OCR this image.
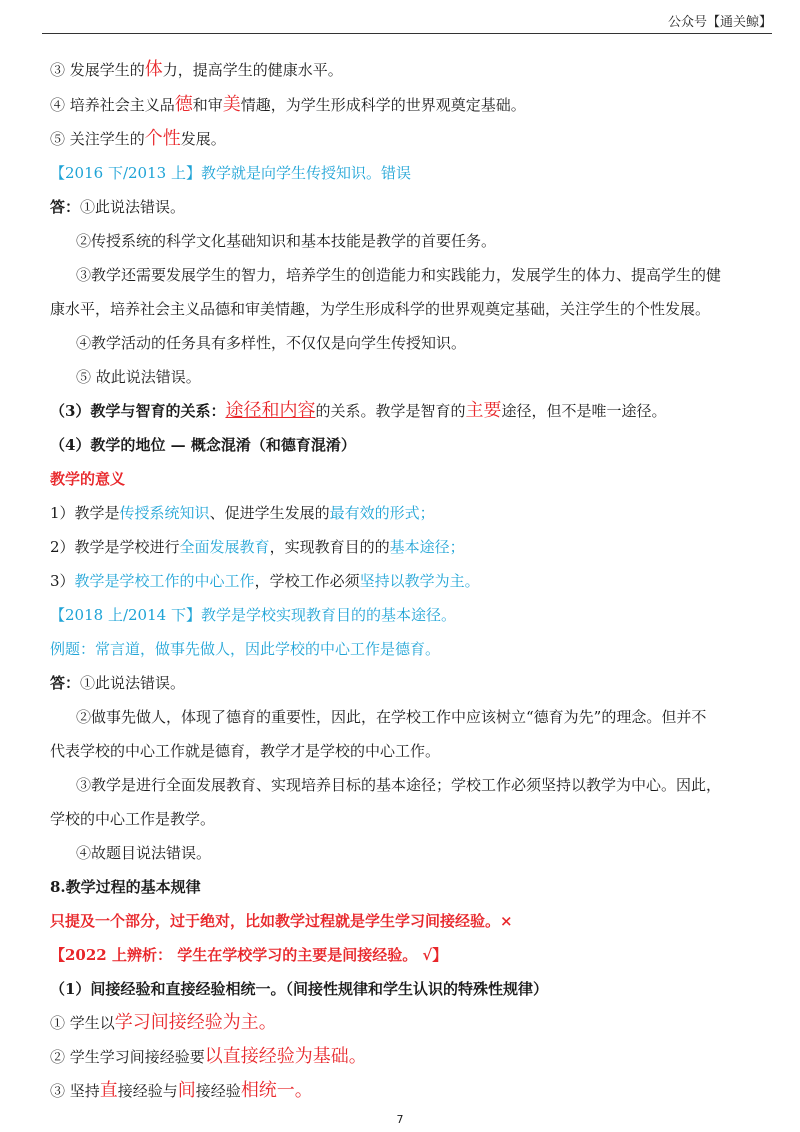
公众号【通关鲸】
③ 发展学生的体力，提高学生的健康水平。
④ 培养社会主义品德和审美情趣，为学生形成科学的世界观奠定基础。
⑤ 关注学生的个性发展。
【2016 下/2013 上】教学就是向学生传授知识。错误
答：①此说法错误。
②传授系统的科学文化基础知识和基本技能是教学的首要任务。
③教学还需要发展学生的智力，培养学生的创造能力和实践能力，发展学生的体力、提高学生的健
康水平，培养社会主义品德和审美情趣，为学生形成科学的世界观奠定基础，关注学生的个性发展。
④教学活动的任务具有多样性，不仅仅是向学生传授知识。
⑤ 故此说法错误。
（3）教学与智育的关系：途径和内容的关系。教学是智育的主要途径，但不是唯一途径。
（4）教学的地位 — 概念混淆（和德育混淆）
教学的意义
1）教学是传授系统知识、促进学生发展的最有效的形式；
2）教学是学校进行全面发展教育，实现教育目的的基本途径；
3）教学是学校工作的中心工作，学校工作必须坚持以教学为主。
【2018 上/2014 下】教学是学校实现教育目的的基本途径。
例题：常言道，做事先做人，因此学校的中心工作是德育。
答：①此说法错误。
②做事先做人，体现了德育的重要性，因此，在学校工作中应该树立“德育为先”的理念。但并不
代表学校的中心工作就是德育，教学才是学校的中心工作。
③教学是进行全面发展教育、实现培养目标的基本途径；学校工作必须坚持以教学为中心。因此，
学校的中心工作是教学。
④故题目说法错误。
8.教学过程的基本规律
只提及一个部分，过于绝对，比如教学过程就是学生学习间接经验。×
【2022 上辨析： 学生在学校学习的主要是间接经验。 √】
（1）间接经验和直接经验相统一。（间接性规律和学生认识的特殊性规律）
① 学生以学习间接经验为主。
② 学生学习间接经验要以直接经验为基础。
③ 坚持直接经验与间接经验相统一。
7
